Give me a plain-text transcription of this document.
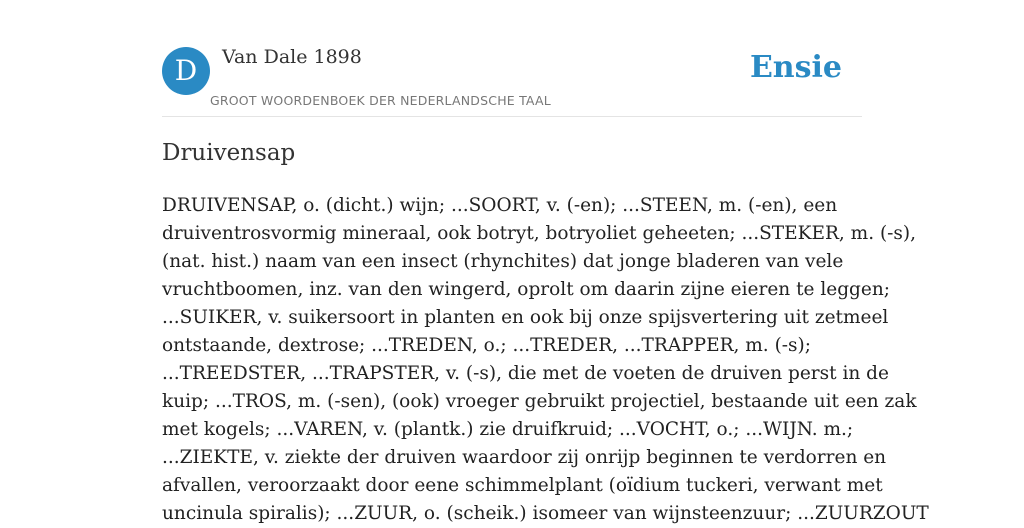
D	Van Dale 1898
GROOT WOORDENBOEK DER NEDERLANDSCHE TAAL
Ensie
Druivensap

DRUIVENSAP, o. (dicht.) wijn; ...SOORT, v. (-en); ...STEEN, m. (-en), een
druiventrosvormig mineraal, ook botryt, botryoliet geheeten; ...STEKER, m. (-s),
(nat. hist.) naam van een insect (rhynchites) dat jonge bladeren van vele
vruchtboomen, inz. van den wingerd, oprolt om daarin zijne eieren te leggen;
...SUIKER, v. suikersoort in planten en ook bij onze spijsvertering uit zetmeel
ontstaande, dextrose; ...TREDEN, o.; ...TREDER, ...TRAPPER, m. (-s);
...TREEDSTER, ...TRAPSTER, v. (-s), die met de voeten de druiven perst in de
kuip; ...TROS, m. (-sen), (ook) vroeger gebruikt projectiel, bestaande uit een zak
met kogels; ...VAREN, v. (plantk.) zie druifkruid; ...VOCHT, o.; ...WIJN. m.;
...ZIEKTE, v. ziekte der druiven waardoor zij onrijp beginnen te verdorren en
afvallen, veroorzaakt door eene schimmelplant (oïdium tuckeri, verwant met
uncinula spiralis); ...ZUUR, o. (scheik.) isomeer van wijnsteenzuur; ...ZUURZOUT
